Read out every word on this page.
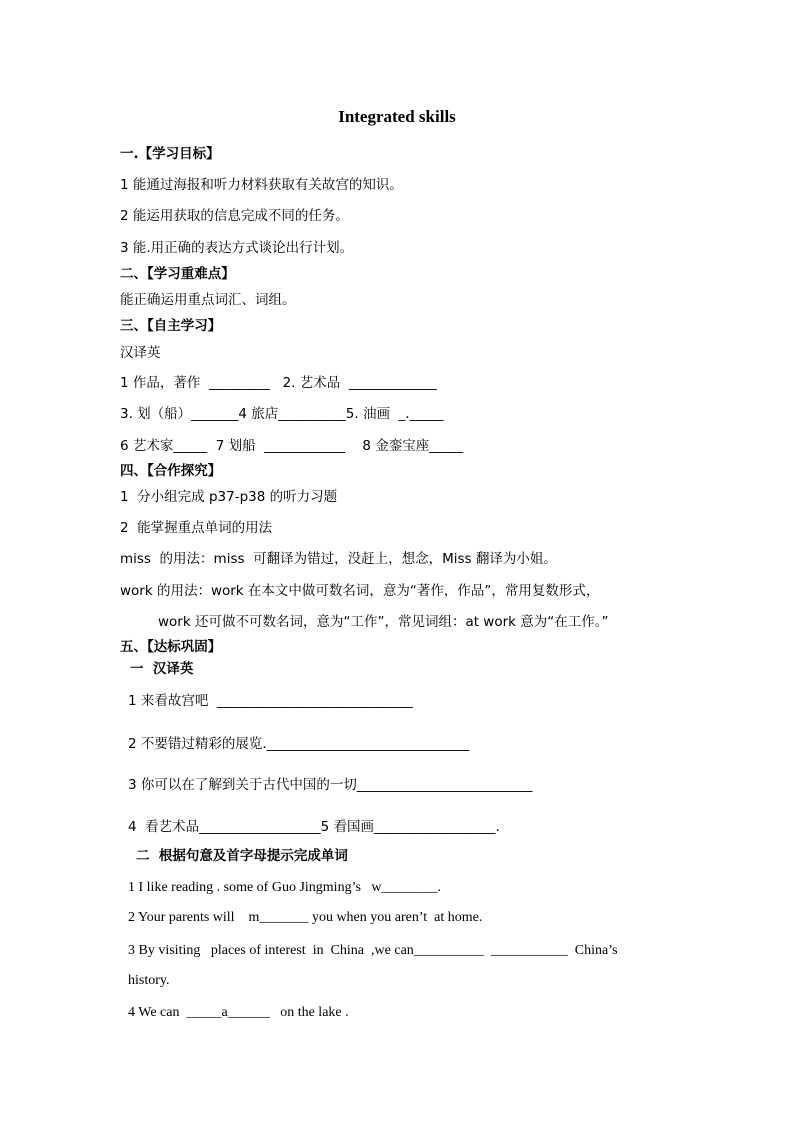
Integrated skills
一.【学习目标】
1 能通过海报和听力材料获取有关故宫的知识。
2 能运用获取的信息完成不同的任务。
3 能.用正确的表达方式谈论出行计划。
二、【学习重难点】
能正确运用重点词汇、词组。
三、【自主学习】
汉译英
1 作品，著作  _________   2. 艺术品  _____________
3. 划（船）_______4 旅店__________5. 油画  _._____
6 艺术家_____  7 划船  ____________    8 金銮宝座_____
四、【合作探究】
1  分小组完成 p37-p38 的听力习题
2  能掌握重点单词的用法
miss  的用法：miss  可翻译为错过，没赶上，想念，Miss 翻译为小姐。
work 的用法：work 在本文中做可数名词，意为“著作，作品”，常用复数形式，
work 还可做不可数名词，意为“工作”，常见词组：at work 意为“在工作。”
五、【达标巩固】
一  汉译英
1 来看故宫吧  _____________________________
2 不要错过精彩的展览.______________________________
3 你可以在了解到关于古代中国的一切__________________________
4  看艺术品__________________5 看国画__________________.
二  根据句意及首字母提示完成单词
1 I like reading . some of Guo Jingming’s   w________.
2 Your parents will    m_______ you when you aren’t  at home.
3 By visiting   places of interest  in  China  ,we can__________  ___________  China’s
history.
4 We can  _____a______   on the lake .
